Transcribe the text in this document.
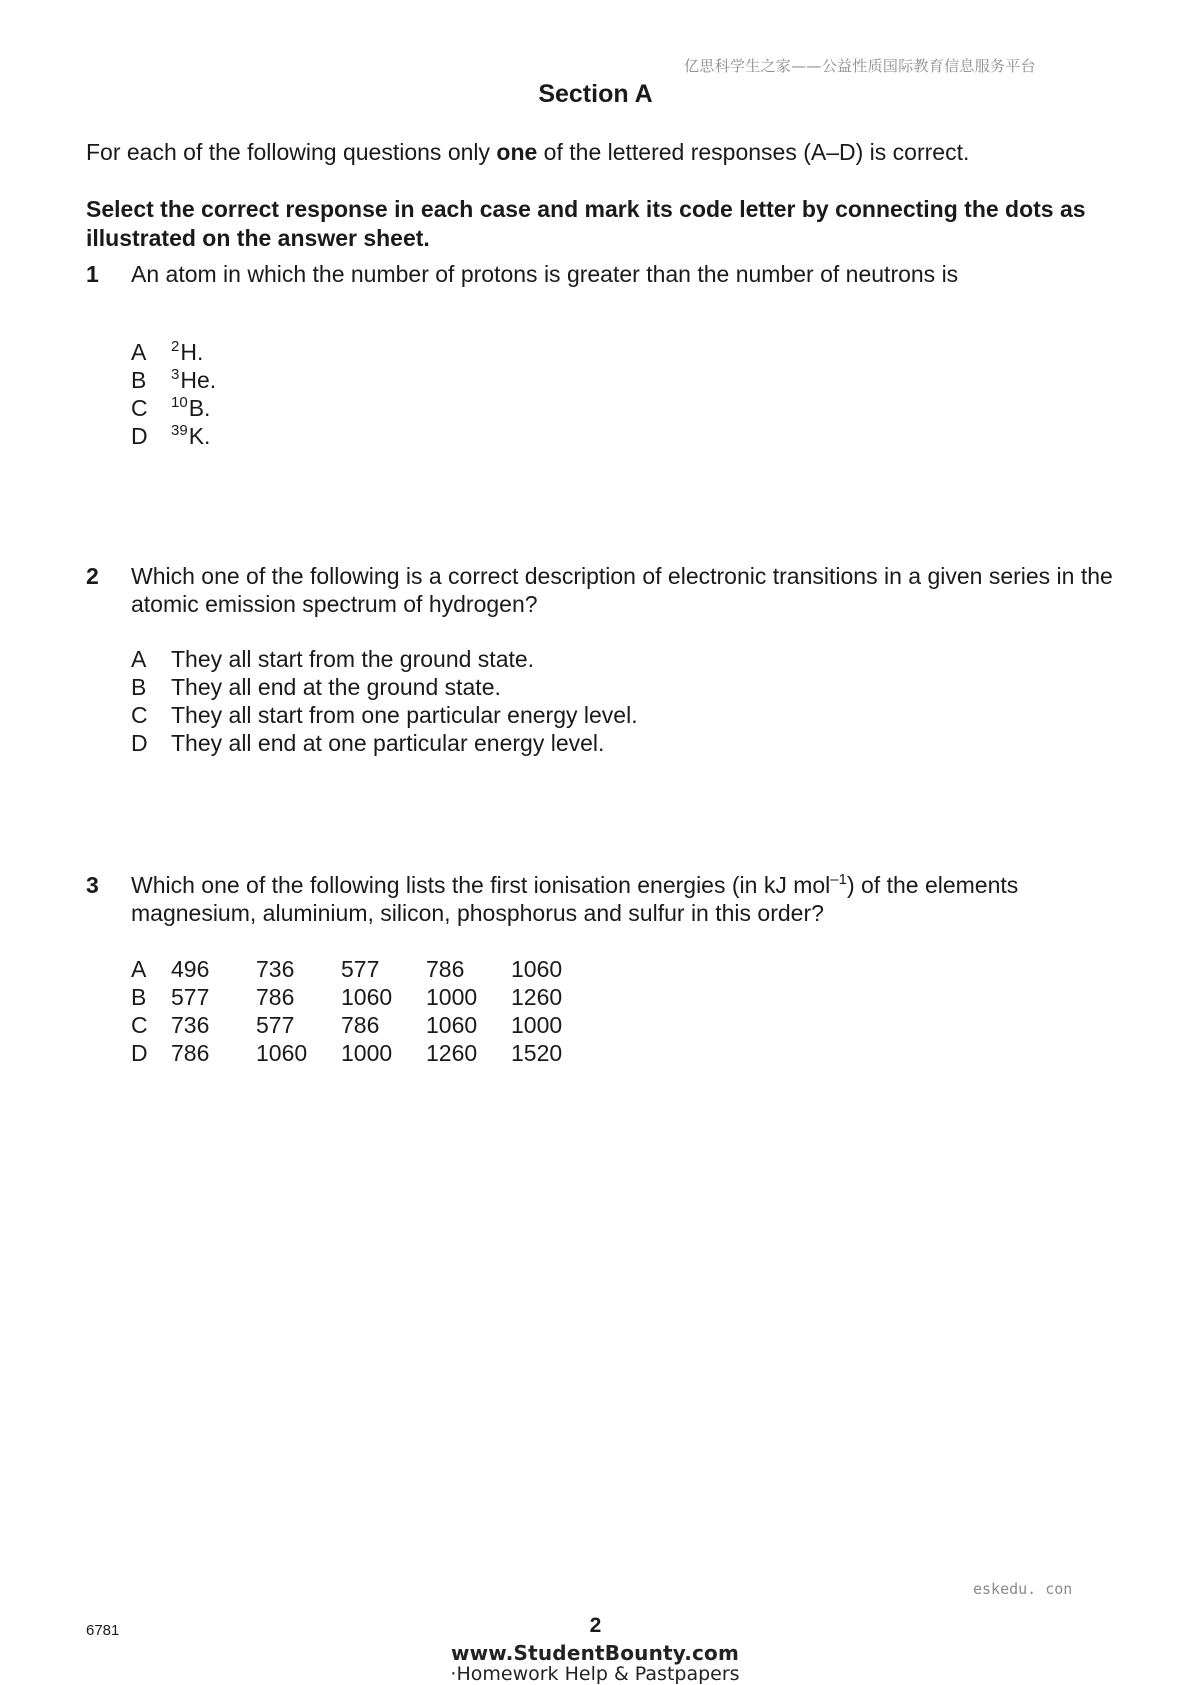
亿思科学生之家——公益性质国际教育信息服务平台
Section A
For each of the following questions only one of the lettered responses (A–D) is correct.
Select the correct response in each case and mark its code letter by connecting the dots as illustrated on the answer sheet.
1 An atom in which the number of protons is greater than the number of neutrons is
A	$^2$H.
B	$^3$He.
C	$^{10}$B.
D	$^{39}$K.
2 Which one of the following is a correct description of electronic transitions in a given series in the atomic emission spectrum of hydrogen?
A	They all start from the ground state.
B	They all end at the ground state.
C	They all start from one particular energy level.
D	They all end at one particular energy level.
3 Which one of the following lists the first ionisation energies (in kJ mol$^{-1}$) of the elements magnesium, aluminium, silicon, phosphorus and sulfur in this order?
A	496	736	577	786	1060
B	577	786	1060	1000	1260
C	736	577	786	1060	1000
D	786	1060	1000	1260	1520
eskedu. con
6781	2
www.StudentBounty.com
·Homework Help & Pastpapers
